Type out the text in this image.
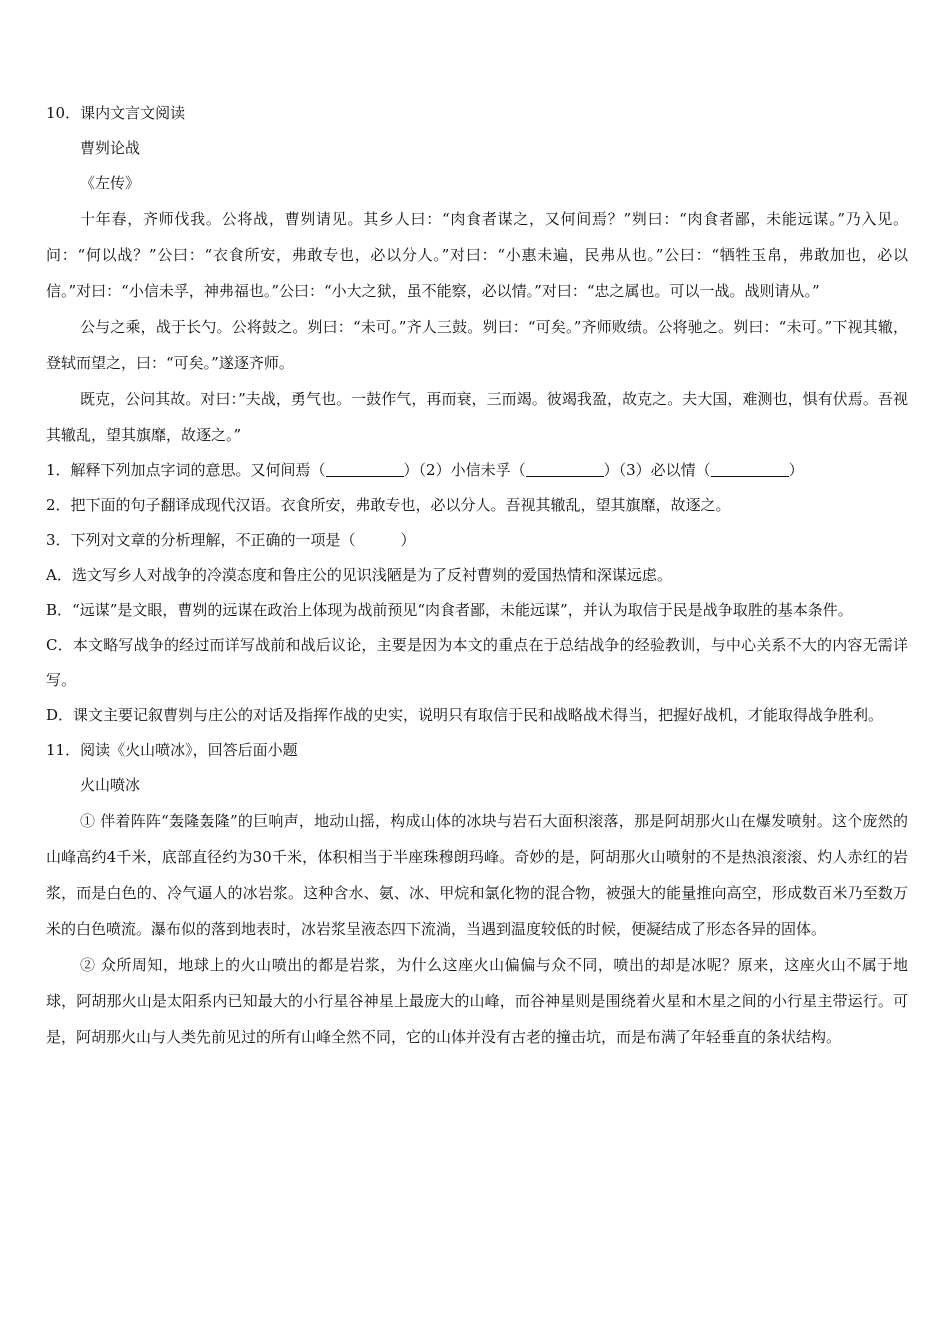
10．课内文言文阅读

曹刿论战

《左传》

十年春，齐师伐我。公将战，曹刿请见。其乡人曰：“肉食者谋之，又何间焉？”刿曰：“肉食者鄙，未能远谋。”乃入见。问：“何以战？”公曰：“衣食所安，弗敢专也，必以分人。”对曰：“小惠未遍，民弗从也。”公曰：“牺牲玉帛，弗敢加也，必以信。”对曰：“小信未孚，神弗福也。”公曰：“小大之狱，虽不能察，必以情。”对曰：“忠之属也。可以一战。战则请从。”

公与之乘，战于长勺。公将鼓之。刿曰：“未可。”齐人三鼓。刿曰：“可矣。”齐师败绩。公将驰之。刿曰：“未可。”下视其辙，登轼而望之，曰：“可矣。”遂逐齐师。

既克，公问其故。对曰：”夫战，勇气也。一鼓作气，再而衰，三而竭。彼竭我盈，故克之。夫大国，难测也，惧有伏焉。吾视其辙乱，望其旗靡，故逐之。”

1．解释下列加点字词的意思。又何间焉（	）（2）小信未孚（	）（3）必以情（	）

2．把下面的句子翻译成现代汉语。衣食所安，弗敢专也，必以分人。吾视其辙乱，望其旗靡，故逐之。

3．下列对文章的分析理解，不正确的一项是（　　　）

A．选文写乡人对战争的冷漠态度和鲁庄公的见识浅陋是为了反衬曹刿的爱国热情和深谋远虑。

B．“远谋”是文眼，曹刿的远谋在政治上体现为战前预见“肉食者鄙，未能远谋”，并认为取信于民是战争取胜的基本条件。

C．本文略写战争的经过而详写战前和战后议论，主要是因为本文的重点在于总结战争的经验教训，与中心关系不大的内容无需详写。

D．课文主要记叙曹刿与庄公的对话及指挥作战的史实，说明只有取信于民和战略战术得当，把握好战机，才能取得战争胜利。

11．阅读《火山喷冰》，回答后面小题

火山喷冰

① 伴着阵阵“轰隆轰隆”的巨响声，地动山摇，构成山体的冰块与岩石大面积滚落，那是阿胡那火山在爆发喷射。这个庞然的山峰高约4千米，底部直径约为30千米，体积相当于半座珠穆朗玛峰。奇妙的是，阿胡那火山喷射的不是热浪滚滚、灼人赤红的岩浆，而是白色的、冷气逼人的冰岩浆。这种含水、氨、冰、甲烷和氯化物的混合物，被强大的能量推向高空，形成数百米乃至数万米的白色喷流。瀑布似的落到地表时，冰岩浆呈液态四下流淌，当遇到温度较低的时候，便凝结成了形态各异的固体。

② 众所周知，地球上的火山喷出的都是岩浆，为什么这座火山偏偏与众不同，喷出的却是冰呢？原来，这座火山不属于地球，阿胡那火山是太阳系内已知最大的小行星谷神星上最庞大的山峰，而谷神星则是围绕着火星和木星之间的小行星主带运行。可是，阿胡那火山与人类先前见过的所有山峰全然不同，它的山体并没有古老的撞击坑，而是布满了年轻垂直的条状结构。
